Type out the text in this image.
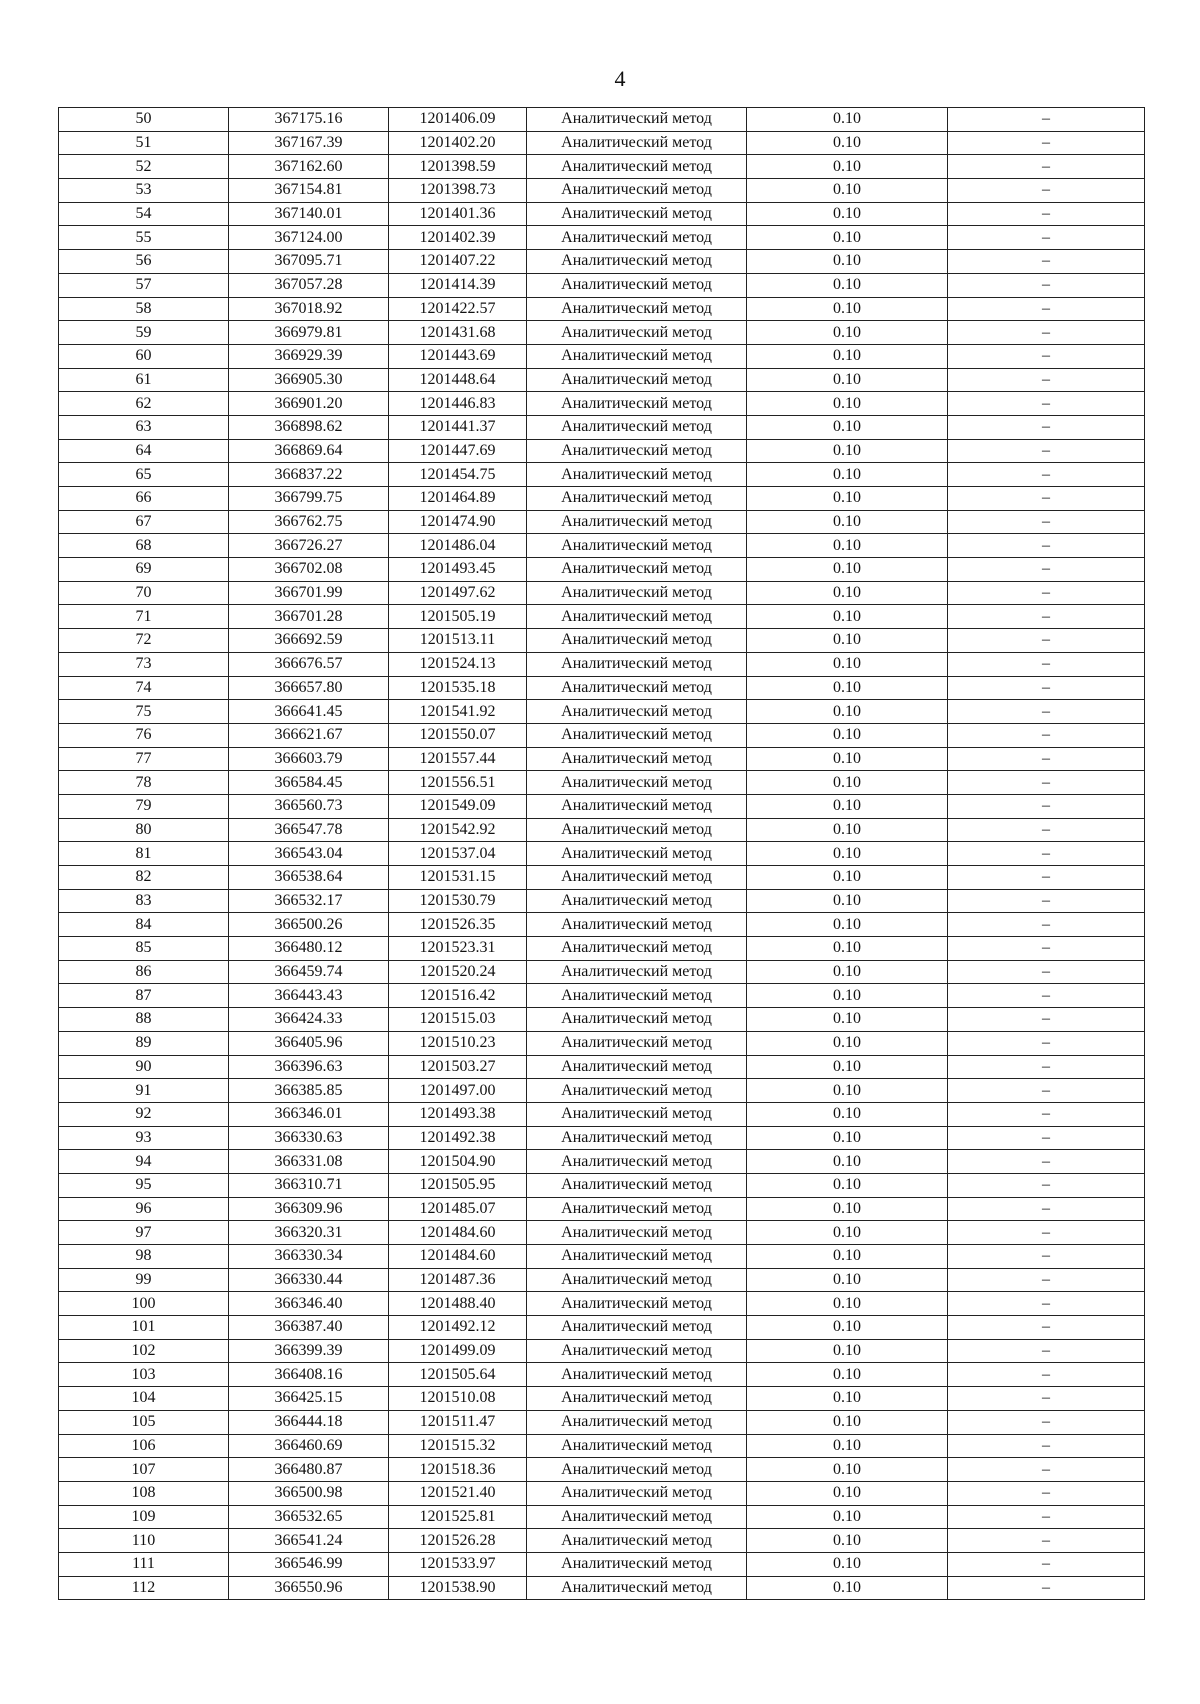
4
50	367175.16	1201406.09	Аналитический метод	0.10	–
51	367167.39	1201402.20	Аналитический метод	0.10	–
52	367162.60	1201398.59	Аналитический метод	0.10	–
53	367154.81	1201398.73	Аналитический метод	0.10	–
54	367140.01	1201401.36	Аналитический метод	0.10	–
55	367124.00	1201402.39	Аналитический метод	0.10	–
56	367095.71	1201407.22	Аналитический метод	0.10	–
57	367057.28	1201414.39	Аналитический метод	0.10	–
58	367018.92	1201422.57	Аналитический метод	0.10	–
59	366979.81	1201431.68	Аналитический метод	0.10	–
60	366929.39	1201443.69	Аналитический метод	0.10	–
61	366905.30	1201448.64	Аналитический метод	0.10	–
62	366901.20	1201446.83	Аналитический метод	0.10	–
63	366898.62	1201441.37	Аналитический метод	0.10	–
64	366869.64	1201447.69	Аналитический метод	0.10	–
65	366837.22	1201454.75	Аналитический метод	0.10	–
66	366799.75	1201464.89	Аналитический метод	0.10	–
67	366762.75	1201474.90	Аналитический метод	0.10	–
68	366726.27	1201486.04	Аналитический метод	0.10	–
69	366702.08	1201493.45	Аналитический метод	0.10	–
70	366701.99	1201497.62	Аналитический метод	0.10	–
71	366701.28	1201505.19	Аналитический метод	0.10	–
72	366692.59	1201513.11	Аналитический метод	0.10	–
73	366676.57	1201524.13	Аналитический метод	0.10	–
74	366657.80	1201535.18	Аналитический метод	0.10	–
75	366641.45	1201541.92	Аналитический метод	0.10	–
76	366621.67	1201550.07	Аналитический метод	0.10	–
77	366603.79	1201557.44	Аналитический метод	0.10	–
78	366584.45	1201556.51	Аналитический метод	0.10	–
79	366560.73	1201549.09	Аналитический метод	0.10	–
80	366547.78	1201542.92	Аналитический метод	0.10	–
81	366543.04	1201537.04	Аналитический метод	0.10	–
82	366538.64	1201531.15	Аналитический метод	0.10	–
83	366532.17	1201530.79	Аналитический метод	0.10	–
84	366500.26	1201526.35	Аналитический метод	0.10	–
85	366480.12	1201523.31	Аналитический метод	0.10	–
86	366459.74	1201520.24	Аналитический метод	0.10	–
87	366443.43	1201516.42	Аналитический метод	0.10	–
88	366424.33	1201515.03	Аналитический метод	0.10	–
89	366405.96	1201510.23	Аналитический метод	0.10	–
90	366396.63	1201503.27	Аналитический метод	0.10	–
91	366385.85	1201497.00	Аналитический метод	0.10	–
92	366346.01	1201493.38	Аналитический метод	0.10	–
93	366330.63	1201492.38	Аналитический метод	0.10	–
94	366331.08	1201504.90	Аналитический метод	0.10	–
95	366310.71	1201505.95	Аналитический метод	0.10	–
96	366309.96	1201485.07	Аналитический метод	0.10	–
97	366320.31	1201484.60	Аналитический метод	0.10	–
98	366330.34	1201484.60	Аналитический метод	0.10	–
99	366330.44	1201487.36	Аналитический метод	0.10	–
100	366346.40	1201488.40	Аналитический метод	0.10	–
101	366387.40	1201492.12	Аналитический метод	0.10	–
102	366399.39	1201499.09	Аналитический метод	0.10	–
103	366408.16	1201505.64	Аналитический метод	0.10	–
104	366425.15	1201510.08	Аналитический метод	0.10	–
105	366444.18	1201511.47	Аналитический метод	0.10	–
106	366460.69	1201515.32	Аналитический метод	0.10	–
107	366480.87	1201518.36	Аналитический метод	0.10	–
108	366500.98	1201521.40	Аналитический метод	0.10	–
109	366532.65	1201525.81	Аналитический метод	0.10	–
110	366541.24	1201526.28	Аналитический метод	0.10	–
111	366546.99	1201533.97	Аналитический метод	0.10	–
112	366550.96	1201538.90	Аналитический метод	0.10	–
